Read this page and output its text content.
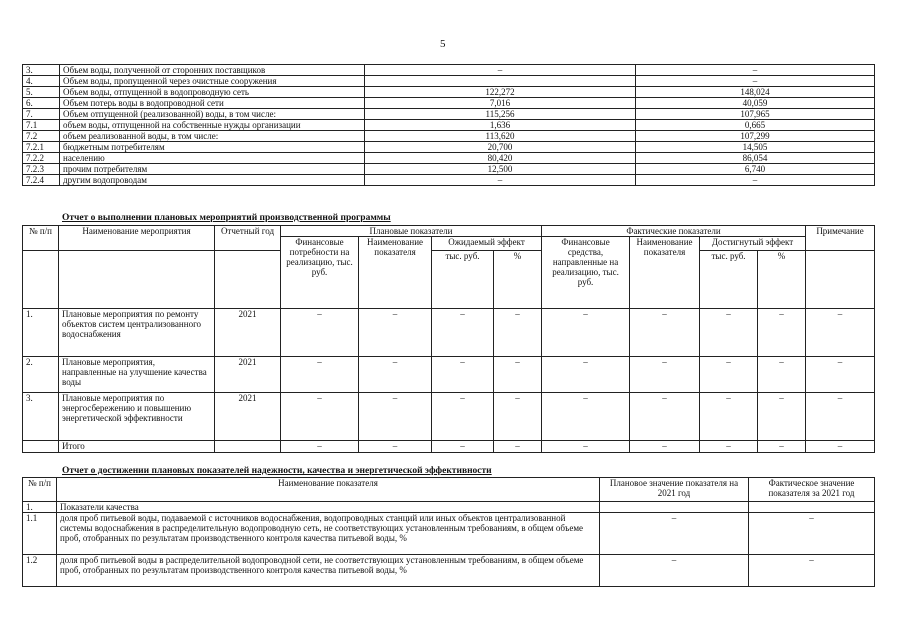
5
3.	Объем воды, полученной от сторонних поставщиков	–	–
4.	Объем воды, пропущенной через очистные сооружения		–
5.	Объем воды, отпущенной в водопроводную сеть	122,272	148,024
6.	Объем потерь воды в водопроводной сети	7,016	40,059
7.	Объем отпущенной (реализованной) воды, в том числе:	115,256	107,965
7.1	объем воды, отпущенной на собственные нужды организации	1,636	0,665
7.2	объем реализованной воды, в том числе:	113,620	107,299
7.2.1	бюджетным потребителям	20,700	14,505
7.2.2	населению	80,420	86,054
7.2.3	прочим потребителям	12,500	6,740
7.2.4	другим водопроводам	–	–
Отчет о выполнении плановых мероприятий производственной программы
№ п/п	Наименование мероприятия	Отчетный год	Плановые показатели				Фактические показатели				Примечание
			Финансовые потребности на реализацию, тыс. руб.	Наименование показателя	Ожидаемый эффект		Финансовые средства, направленные на реализацию, тыс. руб.	Наименование показателя	Достигнутый эффект		
					тыс. руб.	%			тыс. руб.	%	
1.	Плановые мероприятия по ремонту объектов систем централизованного водоснабжения	2021	–	–	–	–	–	–	–	–	–
2.	Плановые мероприятия, направленные на улучшение качества воды	2021	–	–	–	–	–	–	–	–	–
3.	Плановые мероприятия по энергосбережению и повышению энергетической эффективности	2021	–	–	–	–	–	–	–	–	–
	Итого		–	–	–	–	–	–	–	–	–
Отчет о достижении плановых показателей надежности, качества и энергетической эффективности
№ п/п	Наименование показателя	Плановое значение показателя на 2021 год	Фактическое значение показателя за 2021 год
1.	Показатели качества		
1.1	доля проб питьевой воды, подаваемой с источников водоснабжения, водопроводных станций или иных объектов централизованной системы водоснабжения в распределительную водопроводную сеть, не соответствующих установленным требованиям, в общем объеме проб, отобранных по результатам производственного контроля качества питьевой воды, %	–	–
1.2	доля проб питьевой воды в распределительной водопроводной сети, не соответствующих установленным требованиям, в общем объеме проб, отобранных по результатам производственного контроля качества питьевой воды, %	–	–
